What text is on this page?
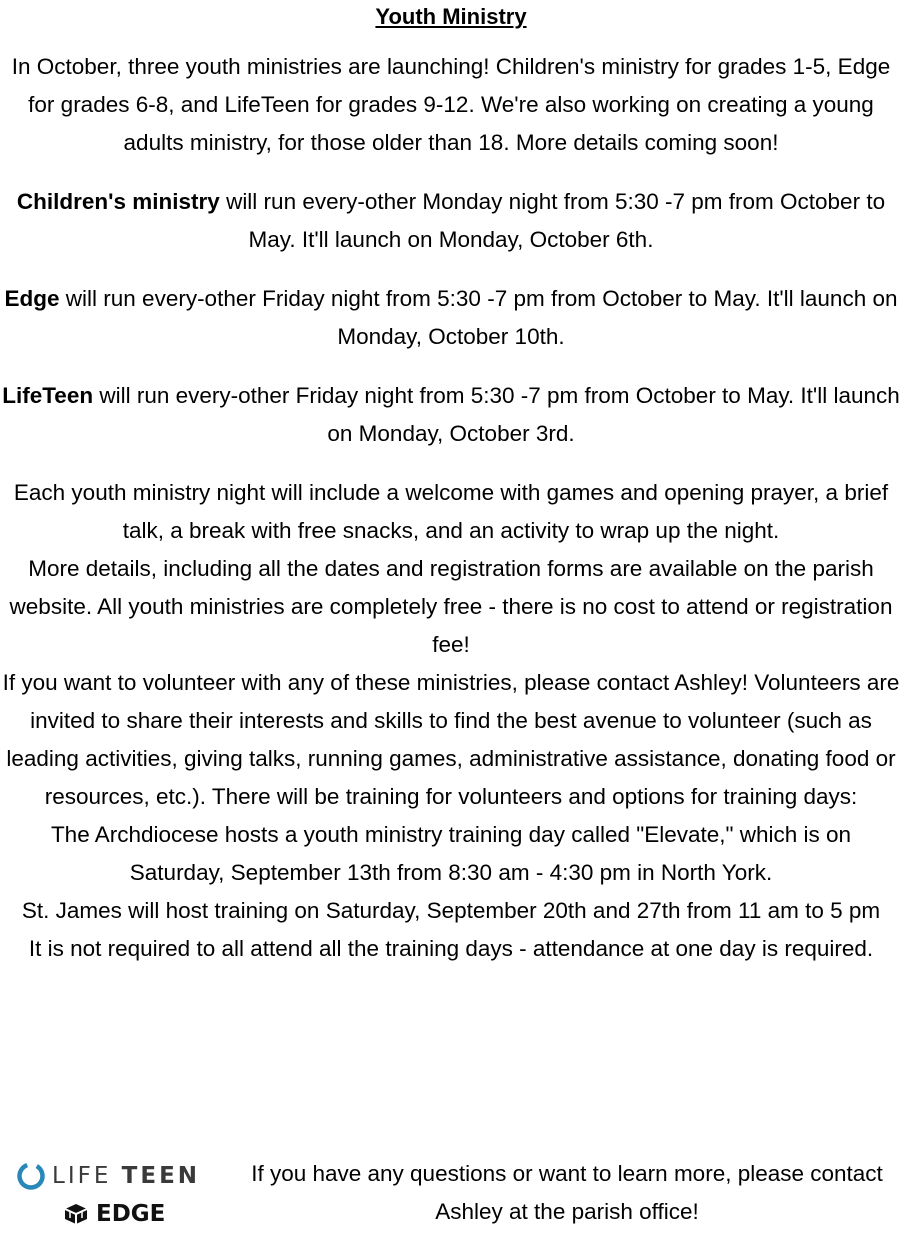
Youth Ministry

In October, three youth ministries are launching! Children's ministry for grades 1-5, Edge for grades 6-8, and LifeTeen for grades 9-12. We're also working on creating a young adults ministry, for those older than 18. More details coming soon!

Children's ministry will run every-other Monday night from 5:30 -7 pm from October to May. It'll launch on Monday, October 6th.

Edge will run every-other Friday night from 5:30 -7 pm from October to May. It'll launch on Monday, October 10th.

LifeTeen will run every-other Friday night from 5:30 -7 pm from October to May. It'll launch on Monday, October 3rd.

Each youth ministry night will include a welcome with games and opening prayer, a brief talk, a break with free snacks, and an activity to wrap up the night.

More details, including all the dates and registration forms are available on the parish website. All youth ministries are completely free - there is no cost to attend or registration fee!

If you want to volunteer with any of these ministries, please contact Ashley! Volunteers are invited to share their interests and skills to find the best avenue to volunteer (such as leading activities, giving talks, running games, administrative assistance, donating food or resources, etc.). There will be training for volunteers and options for training days:

The Archdiocese hosts a youth ministry training day called "Elevate," which is on Saturday, September 13th from 8:30 am - 4:30 pm in North York.

St. James will host training on Saturday, September 20th and 27th from 11 am to 5 pm

It is not required to all attend all the training days - attendance at one day is required.

LIFE TEEN
EDGE
If you have any questions or want to learn more, please contact Ashley at the parish office!
